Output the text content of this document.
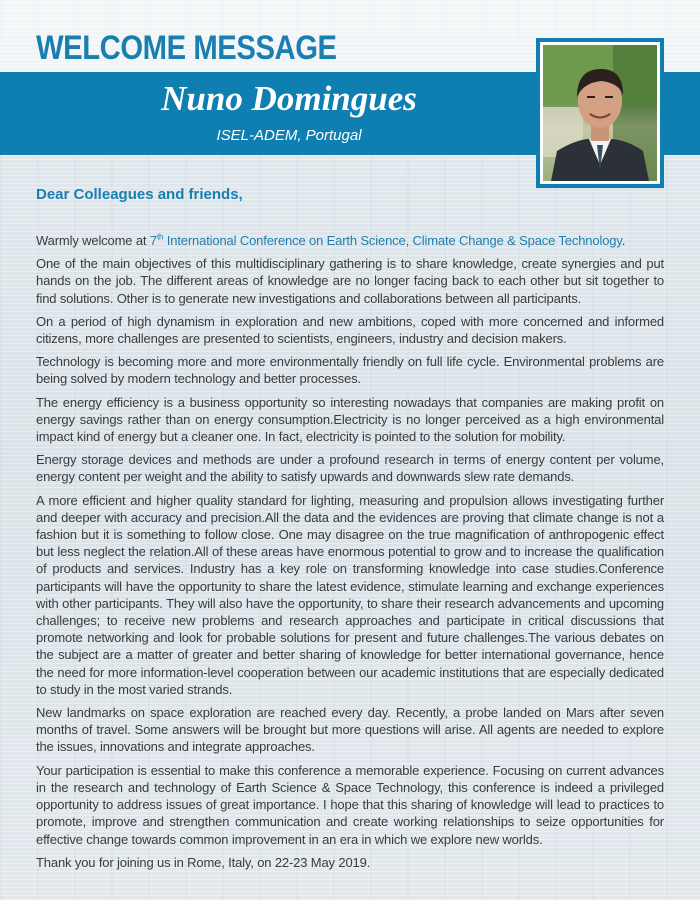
WELCOME MESSAGE
Nuno Domingues
ISEL-ADEM, Portugal

Dear Colleagues and friends,

Warmly welcome at 7th International Conference on Earth Science, Climate Change & Space Technology.

One of the main objectives of this multidisciplinary gathering is to share knowledge, create synergies and put hands on the job. The different areas of knowledge are no longer facing back to each other but sit together to find solutions. Other is to generate new investigations and collaborations between all participants.

On a period of high dynamism in exploration and new ambitions, coped with more concerned and informed citizens, more challenges are presented to scientists, engineers, industry and decision makers.

Technology is becoming more and more environmentally friendly on full life cycle. Environmental problems are being solved by modern technology and better processes.

The energy efficiency is a business opportunity so interesting nowadays that companies are making profit on energy savings rather than on energy consumption.Electricity is no longer perceived as a high environmental impact kind of energy but a cleaner one. In fact, electricity is pointed to the solution for mobility.

Energy storage devices and methods are under a profound research in terms of energy content per volume, energy content per weight and the ability to satisfy upwards and downwards slew rate demands.

A more efficient and higher quality standard for lighting, measuring and propulsion allows investigating further and deeper with accuracy and precision.All the data and the evidences are proving that climate change is not a fashion but it is something to follow close. One may disagree on the true magnification of anthropogenic effect but less neglect the relation.All of these areas have enormous potential to grow and to increase the qualification of products and services. Industry has a key role on transforming knowledge into case studies.Conference participants will have the opportunity to share the latest evidence, stimulate learning and exchange experiences with other participants. They will also have the opportunity, to share their research advancements and upcoming challenges; to receive new problems and research approaches and participate in critical discussions that promote networking and look for probable solutions for present and future challenges.The various debates on the subject are a matter of greater and better sharing of knowledge for better international governance, hence the need for more information-level cooperation between our academic institutions that are especially dedicated to study in the most varied strands.

New landmarks on space exploration are reached every day. Recently, a probe landed on Mars after seven months of travel. Some answers will be brought but more questions will arise. All agents are needed to explore the issues, innovations and integrate approaches.

Your participation is essential to make this conference a memorable experience. Focusing on current advances in the research and technology of Earth Science & Space Technology, this conference is indeed a privileged opportunity to address issues of great importance. I hope that this sharing of knowledge will lead to practices to promote, improve and strengthen communication and create working relationships to seize opportunities for effective change towards common improvement in an era in which we explore new worlds.

Thank you for joining us in Rome, Italy, on 22-23 May 2019.
